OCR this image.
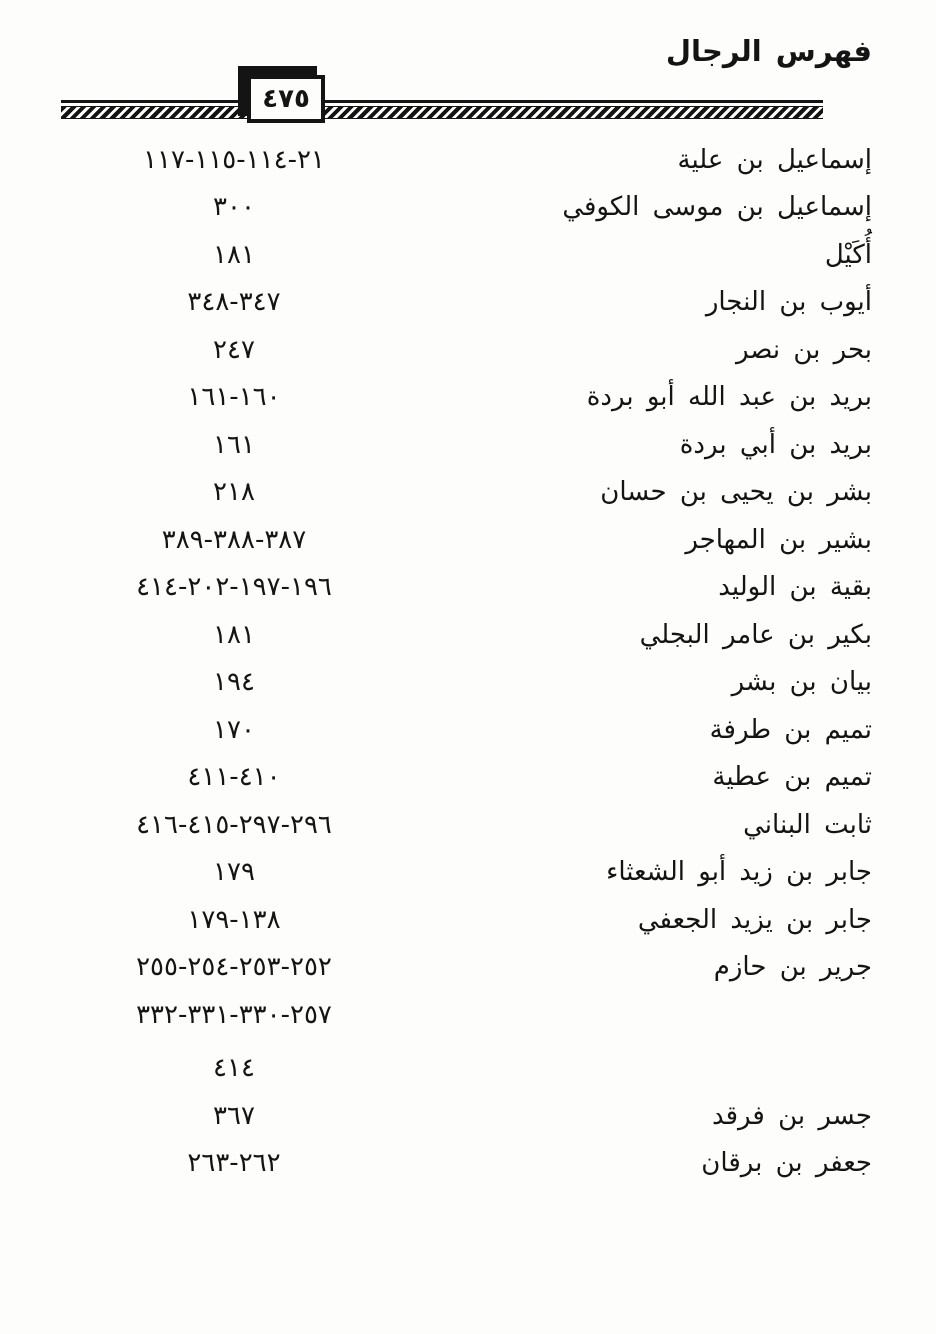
فهرس الرجال
٤٧٥
إسماعيل بن علية
٢١-١١٤-١١٥-١١٧
إسماعيل بن موسى الكوفي
٣٠٠
أُكَيْل
١٨١
أيوب بن النجار
٣٤٧-٣٤٨
بحر بن نصر
٢٤٧
بريد بن عبد الله أبو بردة
١٦٠-١٦١
بريد بن أبي بردة
١٦١
بشر بن يحيى بن حسان
٢١٨
بشير بن المهاجر
٣٨٧-٣٨٨-٣٨٩
بقية بن الوليد
١٩٦-١٩٧-٢٠٢-٤١٤
بكير بن عامر البجلي
١٨١
بيان بن بشر
١٩٤
تميم بن طرفة
١٧٠
تميم بن عطية
٤١٠-٤١١
ثابت البناني
٢٩٦-٢٩٧-٤١٥-٤١٦
جابر بن زيد أبو الشعثاء
١٧٩
جابر بن يزيد الجعفي
١٣٨-١٧٩
جرير بن حازم
٢٥٢-٢٥٣-٢٥٤-٢٥٥
٢٥٧-٣٣٠-٣٣١-٣٣٢
٤١٤
جسر بن فرقد
٣٦٧
جعفر بن برقان
٢٦٢-٢٦٣
